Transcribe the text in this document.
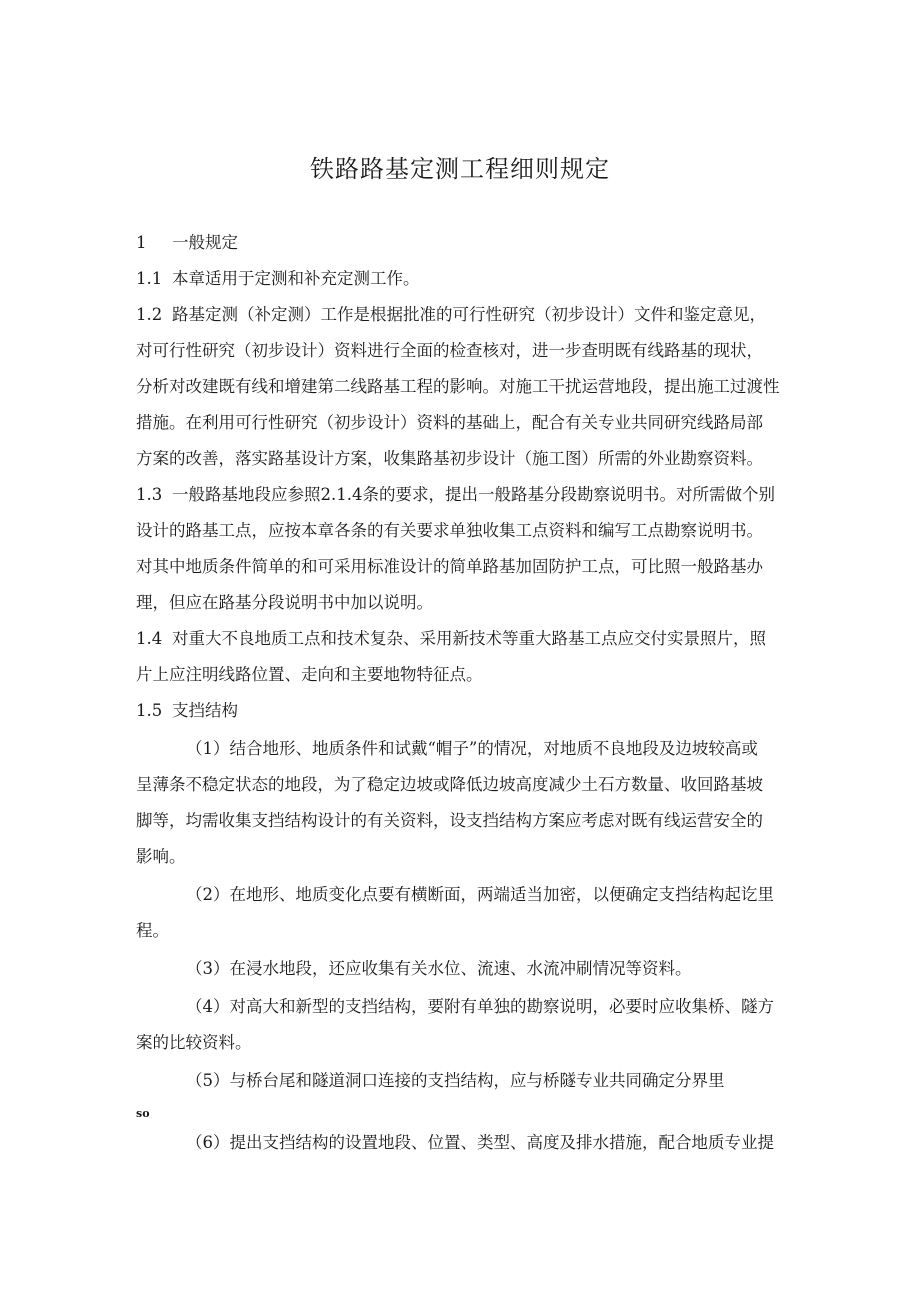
铁路路基定测工程细则规定
1 一般规定
1.1 本章适用于定测和补充定测工作。
1.2 路基定测（补定测）工作是根据批准的可行性研究（初步设计）文件和鉴定意见，
对可行性研究（初步设计）资料进行全面的检查核对，进一步查明既有线路基的现状，
分析对改建既有线和增建第二线路基工程的影响。对施工干扰运营地段，提出施工过渡性
措施。在利用可行性研究（初步设计）资料的基础上，配合有关专业共同研究线路局部
方案的改善，落实路基设计方案，收集路基初步设计（施工图）所需的外业勘察资料。
1.3 一般路基地段应参照2.1.4条的要求，提出一般路基分段勘察说明书。对所需做个别
设计的路基工点，应按本章各条的有关要求单独收集工点资料和编写工点勘察说明书。
对其中地质条件简单的和可采用标准设计的简单路基加固防护工点，可比照一般路基办
理，但应在路基分段说明书中加以说明。
1.4 对重大不良地质工点和技术复杂、采用新技术等重大路基工点应交付实景照片，照
片上应注明线路位置、走向和主要地物特征点。
1.5 支挡结构
（1）结合地形、地质条件和试戴“帽子”的情况，对地质不良地段及边坡较高或
呈薄条不稳定状态的地段，为了稳定边坡或降低边坡高度减少土石方数量、收回路基坡
脚等，均需收集支挡结构设计的有关资料，设支挡结构方案应考虑对既有线运营安全的
影响。
（2）在地形、地质变化点要有横断面，两端适当加密，以便确定支挡结构起讫里
程。
（3）在浸水地段，还应收集有关水位、流速、水流冲刷情况等资料。
（4）对高大和新型的支挡结构，要附有单独的勘察说明，必要时应收集桥、隧方
案的比较资料。
（5）与桥台尾和隧道洞口连接的支挡结构，应与桥隧专业共同确定分界里
so
（6）提出支挡结构的设置地段、位置、类型、高度及排水措施，配合地质专业提
